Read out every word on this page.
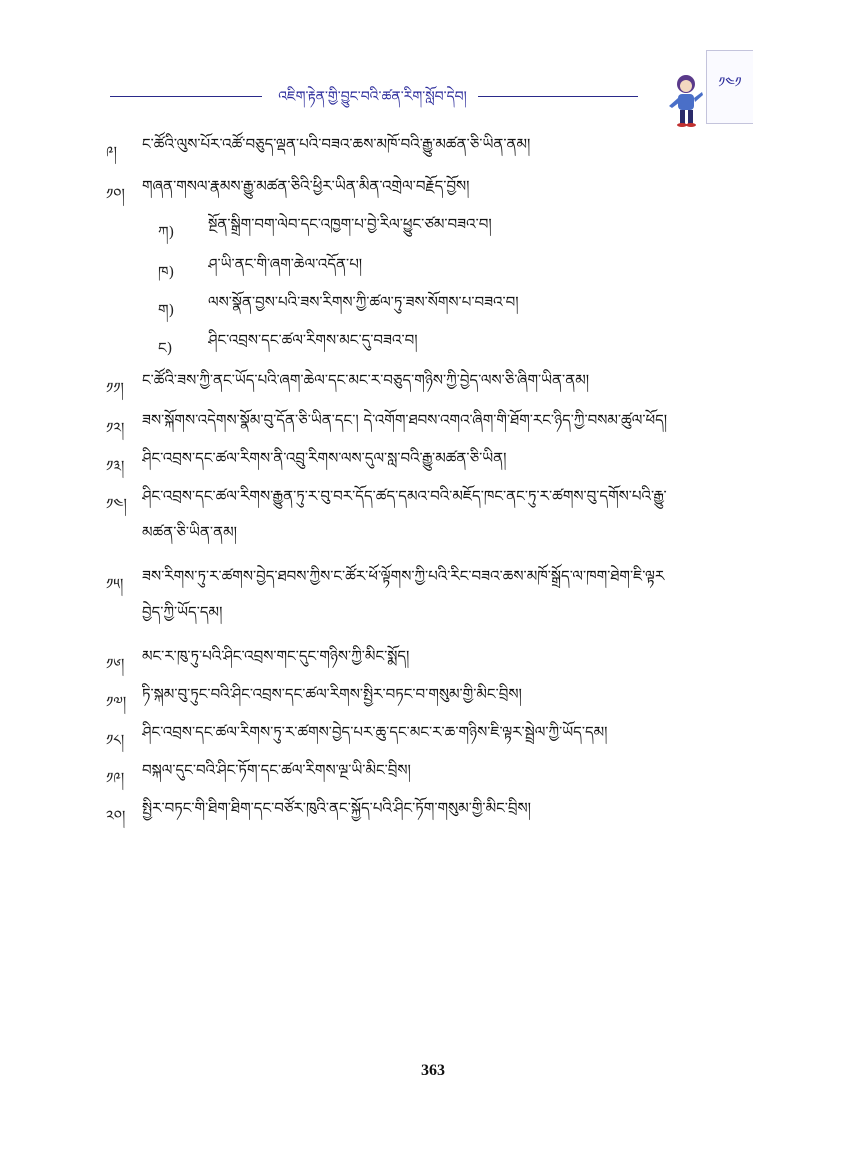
འཇིག་རྟེན་གྱི་བྱུང་བའི་ཚན་རིག་སློབ་དེབ།
༡༤༡
༩།	ང་ཚོའི་ལུས་པོར་འཚོ་བཅུད་ལྡན་པའི་བཟའ་ཆས་མཁོ་བའི་རྒྱུ་མཚན་ཅི་ཡིན་ནམ།
༡༠།	གཞན་གསལ་རྣམས་རྒྱུ་མཚན་ཅིའི་ཕྱིར་ཡིན་མིན་འགྲེལ་བརྗོད་བྱོས།
ཀ)	སྔོན་སྒྲིག་བག་ལེབ་དང་འཁྱག་པ་བྱེ་རིལ་ཕྱུང་ཙམ་བཟའ་བ།
ཁ)	ཤ་ཡི་ནང་གི་ཞག་ཆེལ་འདོན་པ།
ག)	ལས་སྣོན་བྱས་པའི་ཟས་རིགས་ཀྱི་ཚལ་ཏུ་ཟས་སོགས་པ་བཟའ་བ།
ང)	ཤིང་འབྲས་དང་ཚལ་རིགས་མང་དུ་བཟའ་བ།
༡༡།	ང་ཚོའི་ཟས་ཀྱི་ནང་ཡོད་པའི་ཞག་ཆེལ་དང་མང་ར་བཅུད་གཉིས་ཀྱི་བྱེད་ལས་ཅི་ཞིག་ཡིན་ནམ།
༡༢།	ཟས་སྐོགས་འདེགས་སྣོམ་བུ་དོན་ཅི་ཡིན་དང་། དེ་འགོག་ཐབས་འགའ་ཞིག་གི་ཐོག་རང་ཉིད་ཀྱི་བསམ་ཚུལ་ཕོད།
༡༣།	ཤིང་འབྲས་དང་ཚལ་རིགས་ནི་འབྲུ་རིགས་ལས་དུལ་སླ་བའི་རྒྱུ་མཚན་ཅི་ཡིན།
༡༤།	ཤིང་འབྲས་དང་ཚལ་རིགས་རྒྱུན་ཏུ་ར་བུ་བར་དོད་ཚད་དམའ་བའི་མཇོད་ཁང་ནང་ཏུ་ར་ཚགས་བུ་དགོས་པའི་རྒྱུ་
མཚན་ཅི་ཡིན་ནམ།
༡༥།	ཟས་རིགས་ཏུ་ར་ཚགས་བྱེད་ཐབས་ཀྱིས་ང་ཚོར་ཕོ་ལྟོགས་ཀྱི་པའི་རིང་བཟའ་ཆས་མཁོ་སྒྲོད་ལ་ཁག་ཐེག་ཇི་ལྟར
བྱེད་ཀྱི་ཡོད་དམ།
༡༦།	མང་ར་ཁུ་ཏུ་པའི་ཤིང་འབྲས་གང་དུང་གཉིས་ཀྱི་མིང་སྨོད།
༡༧།	ཏི་སྐམ་བུ་ཏུང་བའི་ཤིང་འབྲས་དང་ཚལ་རིགས་སྤྱིར་བཏང་བ་གསུམ་གྱི་མིང་བྲིས།
༡༨།	ཤིང་འབྲས་དང་ཚལ་རིགས་ཏུ་ར་ཚགས་བྱེད་པར་ཆུ་དང་མང་ར་ཆ་གཉིས་ཇི་ལྟར་སྦྲེལ་ཀྱི་ཡོད་དམ།
༡༩།	བསྐལ་དུང་བའི་ཤིང་ཏོག་དང་ཚལ་རིགས་ལྔ་ཡི་མིང་བྲིས།
༢༠།	སྤྱིར་བཏང་གི་ཐིག་ཐིག་དང་བཙོར་ཁུའི་ནང་སྐྱོད་པའི་ཤིང་ཏོག་གསུམ་གྱི་མིང་བྲིས།
363
